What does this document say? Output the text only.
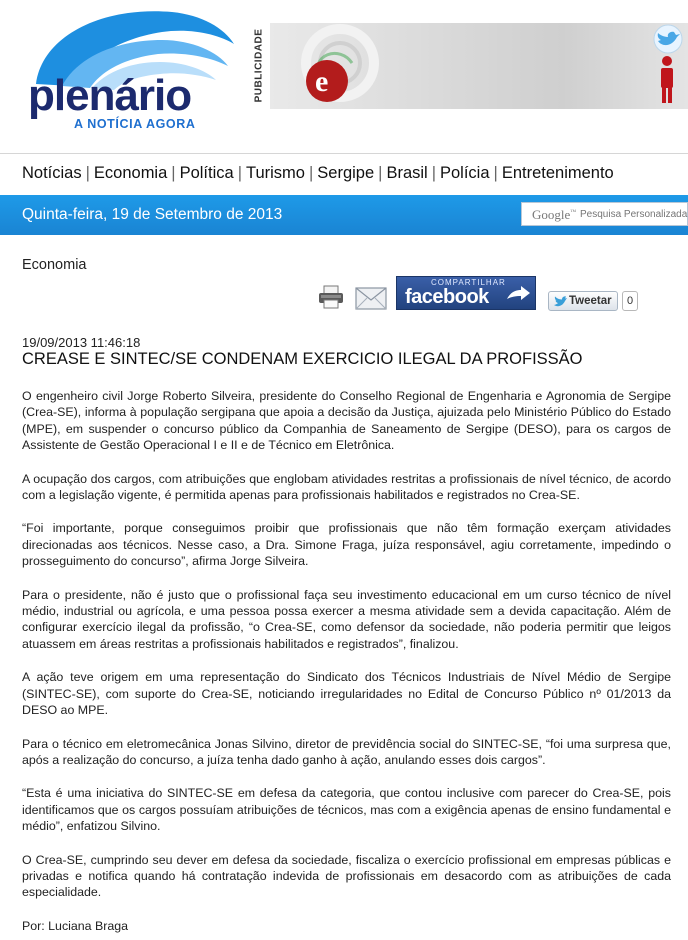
plenário
A NOTÍCIA AGORA
PUBLICIDADE e
Notícias | Economia | Política | Turismo | Sergipe | Brasil | Polícia | Entretenimento
Quinta-feira, 19 de Setembro de 2013	Google™
Pesquisa Personalizada
Economia
COMPARTILHAR
facebook	Tweetar	0
19/09/2013 11:46:18
CREASE E SINTEC/SE CONDENAM EXERCICIO ILEGAL DA PROFISSÃO

O engenheiro civil Jorge Roberto Silveira, presidente do Conselho Regional de Engenharia e Agronomia de Sergipe (Crea-SE), informa à população sergipana que apoia a decisão da Justiça, ajuizada pelo Ministério Público do Estado (MPE), em suspender o concurso público da Companhia de Saneamento de Sergipe (DESO), para os cargos de Assistente de Gestão Operacional I e II e de Técnico em Eletrônica.

A ocupação dos cargos, com atribuições que englobam atividades restritas a profissionais de nível técnico, de acordo com a legislação vigente, é permitida apenas para profissionais habilitados e registrados no Crea-SE.

“Foi importante, porque conseguimos proibir que profissionais que não têm formação exerçam atividades direcionadas aos técnicos. Nesse caso, a Dra. Simone Fraga, juíza responsável, agiu corretamente, impedindo o prosseguimento do concurso”, afirma Jorge Silveira.

Para o presidente, não é justo que o profissional faça seu investimento educacional em um curso técnico de nível médio, industrial ou agrícola, e uma pessoa possa exercer a mesma atividade sem a devida capacitação. Além de configurar exercício ilegal da profissão, “o Crea-SE, como defensor da sociedade, não poderia permitir que leigos atuassem em áreas restritas a profissionais habilitados e registrados”, finalizou.

A ação teve origem em uma representação do Sindicato dos Técnicos Industriais de Nível Médio de Sergipe (SINTEC-SE), com suporte do Crea-SE, noticiando irregularidades no Edital de Concurso Público nº 01/2013 da DESO ao MPE.

Para o técnico em eletromecânica Jonas Silvino, diretor de previdência social do SINTEC-SE, “foi uma surpresa que, após a realização do concurso, a juíza tenha dado ganho à ação, anulando esses dois cargos”.

“Esta é uma iniciativa do SINTEC-SE em defesa da categoria, que contou inclusive com parecer do Crea-SE, pois identificamos que os cargos possuíam atribuições de técnicos, mas com a exigência apenas de ensino fundamental e médio”, enfatizou Silvino.

O Crea-SE, cumprindo seu dever em defesa da sociedade, fiscaliza o exercício profissional em empresas públicas e privadas e notifica quando há contratação indevida de profissionais em desacordo com as atribuições de cada especialidade.

Por: Luciana Braga
